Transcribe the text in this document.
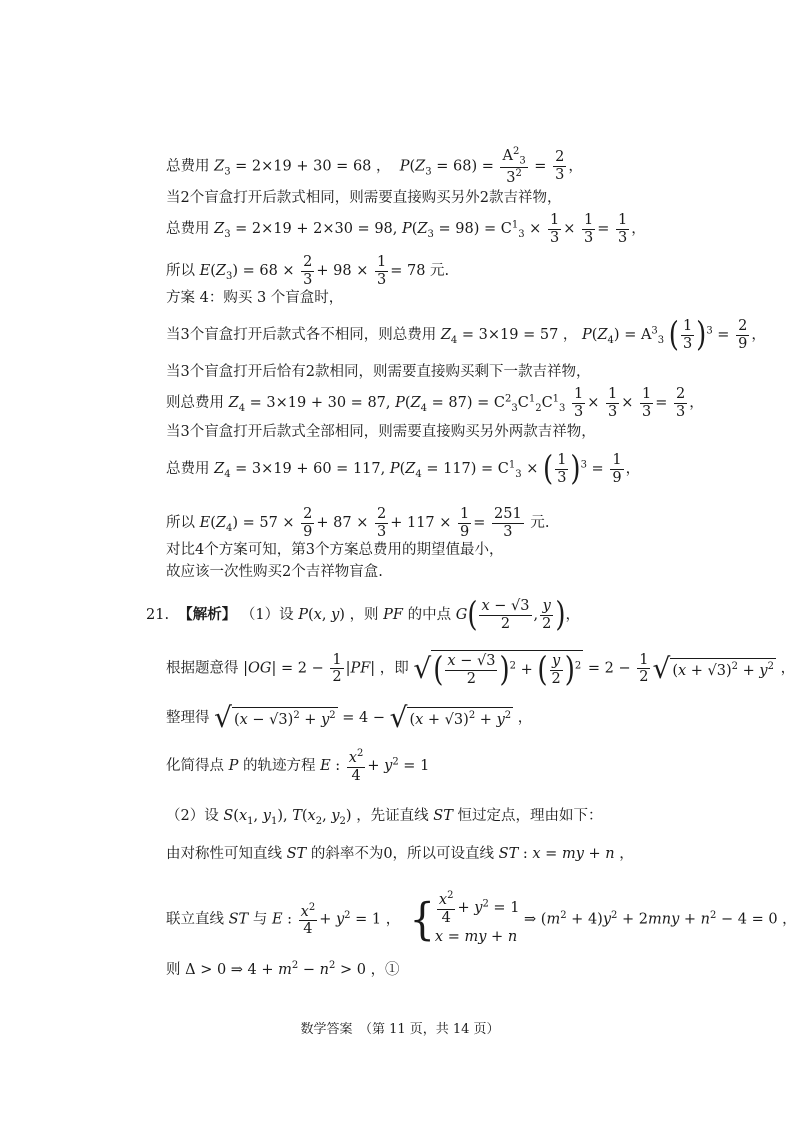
总费用 $Z_3 = 2\times 19 + 30 = 68$ ，  $P(Z_3 = 68) = \frac{A^2_3}{3^2} = \frac{2}{3}$ ，
当2个盲盒打开后款式相同，则需要直接购买另外2款吉祥物，
总费用 $Z_3 = 2\times 19 + 2\times 30 = 98$, $P(Z_3 = 98) = C^1_3 \times \frac{1}{3} \times \frac{1}{3} = \frac{1}{3}$ ，
所以 $E(Z_3) = 68 \times \frac{2}{3} + 98 \times \frac{1}{3} = 78$ 元.
方案 4：购买 3 个盲盒时，
当3个盲盒打开后款式各不相同，则总费用 $Z_4 = 3\times 19 = 57$ ， $P(Z_4) = A^3_3$ ( $\frac{1}{3} )^3 = \frac{2}{9}$ ，
当3个盲盒打开后恰有2款相同，则需要直接购买剩下一款吉祥物，
则总费用 $Z_4 = 3\times 19 + 30 = 87$, $P(Z_4 = 87) = C^2_3C^1_2C^1_3 \frac{1}{3} \times \frac{1}{3} \times \frac{1}{3} = \frac{2}{3}$ ，
当3个盲盒打开后款式全部相同，则需要直接购买另外两款吉祥物，
总费用 $Z_4 = 3\times 19 + 60 = 117$, $P(Z_4 = 117) = C^1_3$ × ( $\frac{1}{3} )^3 = \frac{1}{9}$ ，
所以 $E(Z_4) = 57 \times \frac{2}{9} + 87 \times \frac{2}{3} + 117 \times \frac{1}{9} = \frac{251}{3}$ 元.
对比4个方案可知，第3个方案总费用的期望值最小，
故应该一次性购买2个吉祥物盲盒.
21. 【解析】 （1）设 P(x, y) ，则 PF 的中点 $G( \frac{x - √3}{2}$ , $\frac{y}{2}$ )，
根据题意得 $|OG| = 2 - \frac{1}{2} |PF|$ ，即 √( $\frac{x - √3}{2} )^2$ + ( $\frac{y}{2} )^2 = 2 - \frac{1}{2}$ √ $(x + √3)^2 + y^2$ ，
整理得 √ $(x - √3)^2 + y^2 = 4$ − √ $(x + √3)^2 + y^2$ ，
化简得点 P 的轨迹方程 E : $\frac{x^2}{4} + y^2 = 1$
（2）设 $S(x_1$, $y_1$), $T(x_2$, $y_2$) ，先证直线 ST 恒过定点，理由如下：
由对称性可知直线 ST 的斜率不为0，所以可设直线 ST : x = my + n ，
联立直线 ST 与 E : $\frac{x^2}{4} + y^2 = 1$ ，  { $\frac{x^2}{4} + y^2 = 1$
x = my + n
⇒ $(m^2 + 4)y^2 + 2mny + n^2 - 4 = 0$ ，
则 Δ > 0 ⇒ $4 + m^2 - n^2 > 0$ ，①
数学答案　（第 11 页，共 14 页）
